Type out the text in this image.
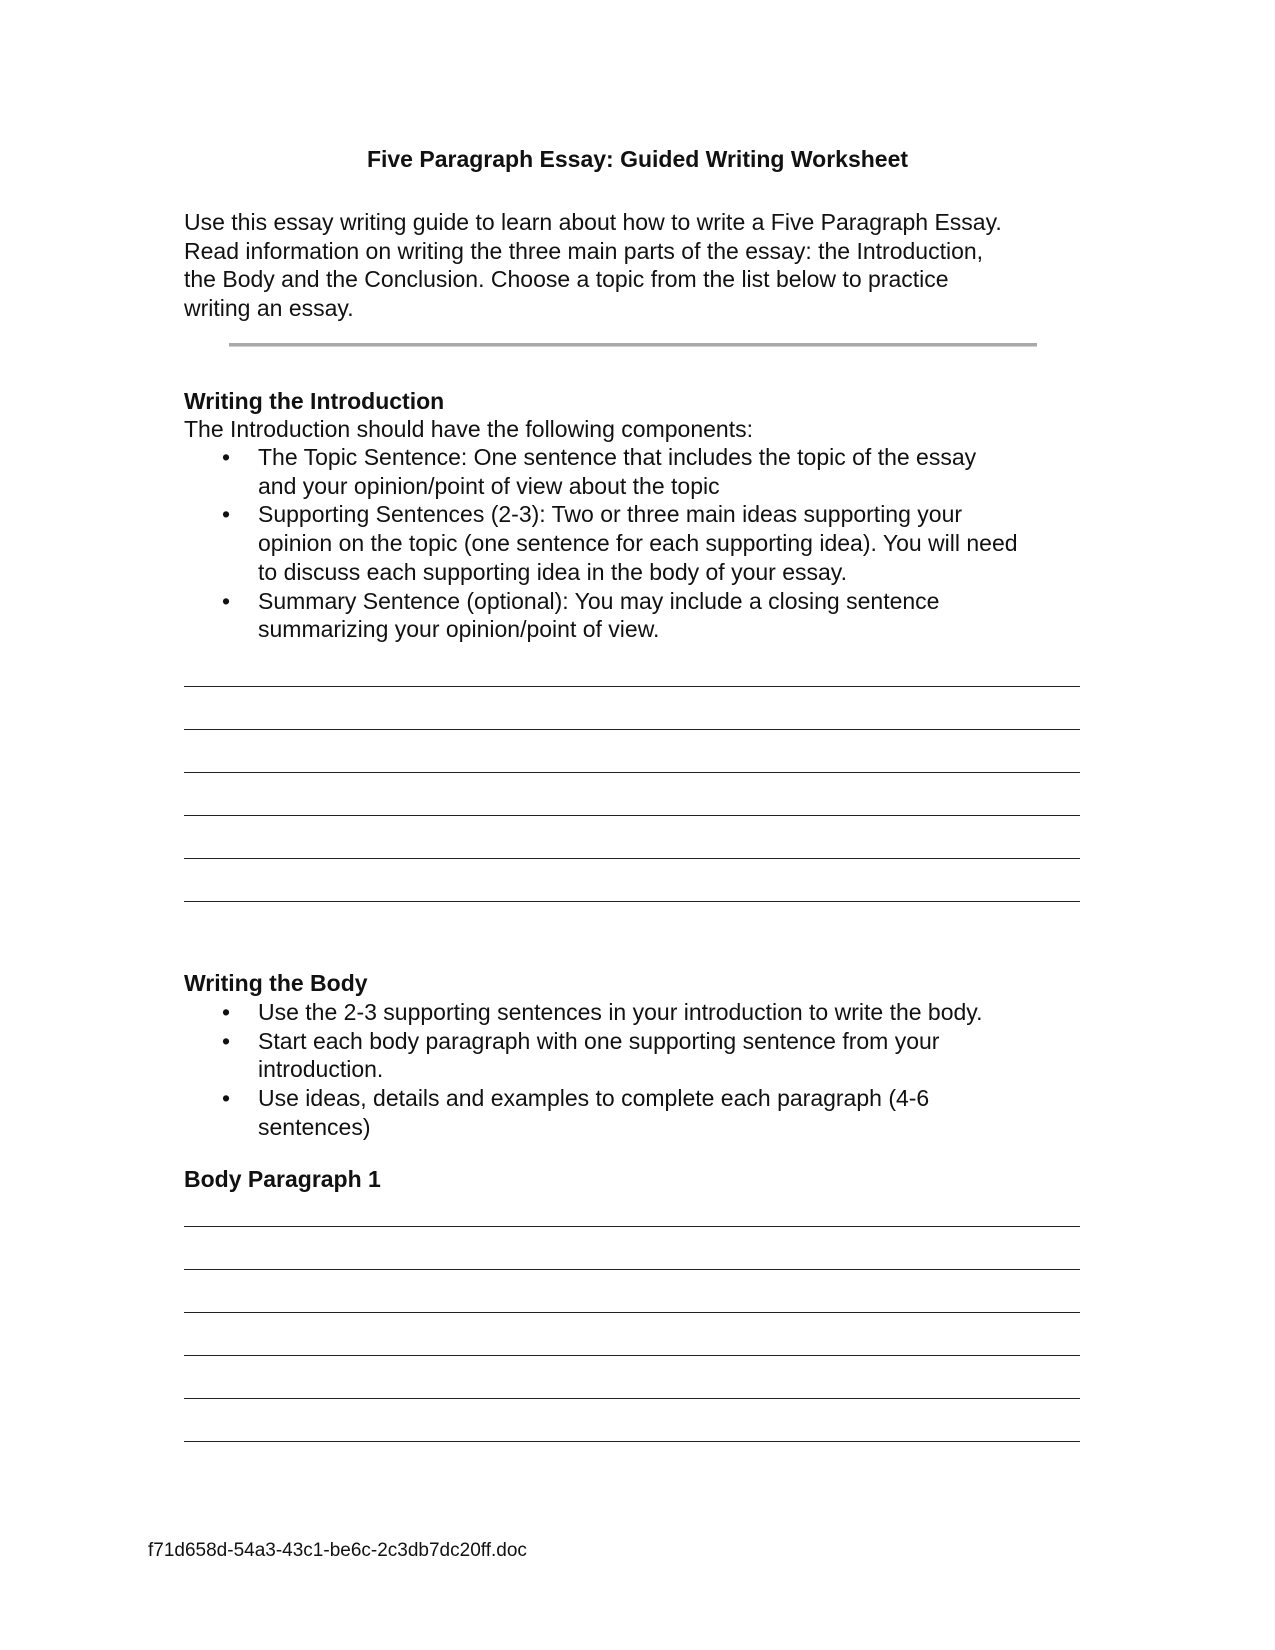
Five Paragraph Essay: Guided Writing Worksheet

Use this essay writing guide to learn about how to write a Five Paragraph Essay.
Read information on writing the three main parts of the essay: the Introduction,
the Body and the Conclusion. Choose a topic from the list below to practice
writing an essay.

Writing the Introduction

The Introduction should have the following components:

• The Topic Sentence: One sentence that includes the topic of the essay
and your opinion/point of view about the topic
• Supporting Sentences (2-3): Two or three main ideas supporting your
opinion on the topic (one sentence for each supporting idea). You will need
to discuss each supporting idea in the body of your essay.
• Summary Sentence (optional): You may include a closing sentence
summarizing your opinion/point of view.
Writing the Body
• Use the 2-3 supporting sentences in your introduction to write the body.
• Start each body paragraph with one supporting sentence from your
introduction.
• Use ideas, details and examples to complete each paragraph (4-6
sentences)
Body Paragraph 1

f71d658d-54a3-43c1-be6c-2c3db7dc20ff.doc
